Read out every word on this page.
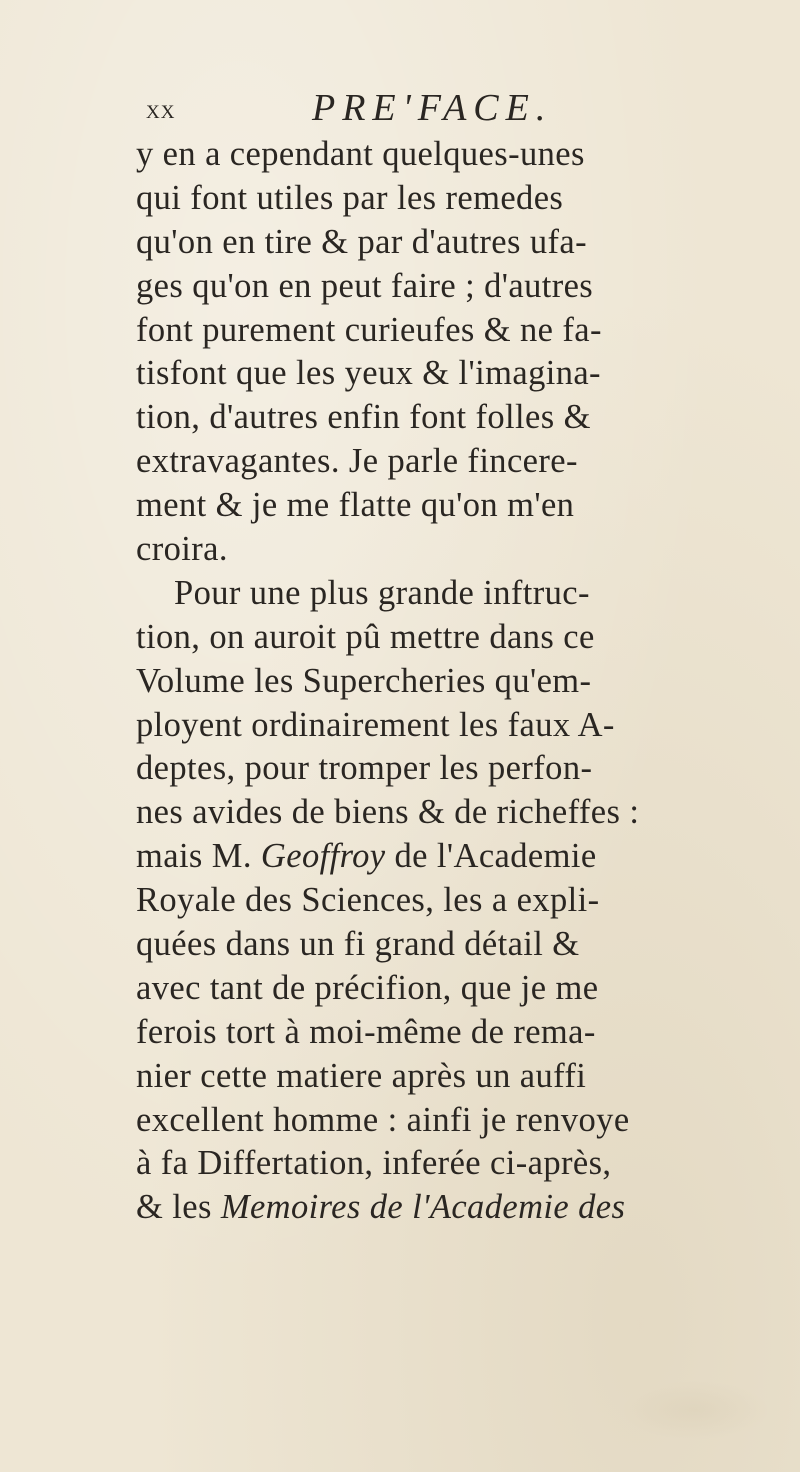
xx	PRE'FACE.
y en a cependant quelques-unes
qui font utiles par les remedes
qu'on en tire & par d'autres ufa-
ges qu'on en peut faire ; d'autres
font purement curieufes & ne fa-
tisfont que les yeux & l'imagina-
tion, d'autres enfin font folles &
extravagantes. Je parle fincere-
ment & je me flatte qu'on m'en
croira.
Pour une plus grande inftruc-
tion, on auroit pû mettre dans ce
Volume les Supercheries qu'em-
ployent ordinairement les faux A-
deptes, pour tromper les perfon-
nes avides de biens & de richeffes :
mais M. Geoffroy de l'Academie
Royale des Sciences, les a expli-
quées dans un fi grand détail &
avec tant de précifion, que je me
ferois tort à moi-même de rema-
nier cette matiere après un auffi
excellent homme : ainfi je renvoye
à fa Differtation, inferée ci-après,
& les Memoires de l'Academie des
